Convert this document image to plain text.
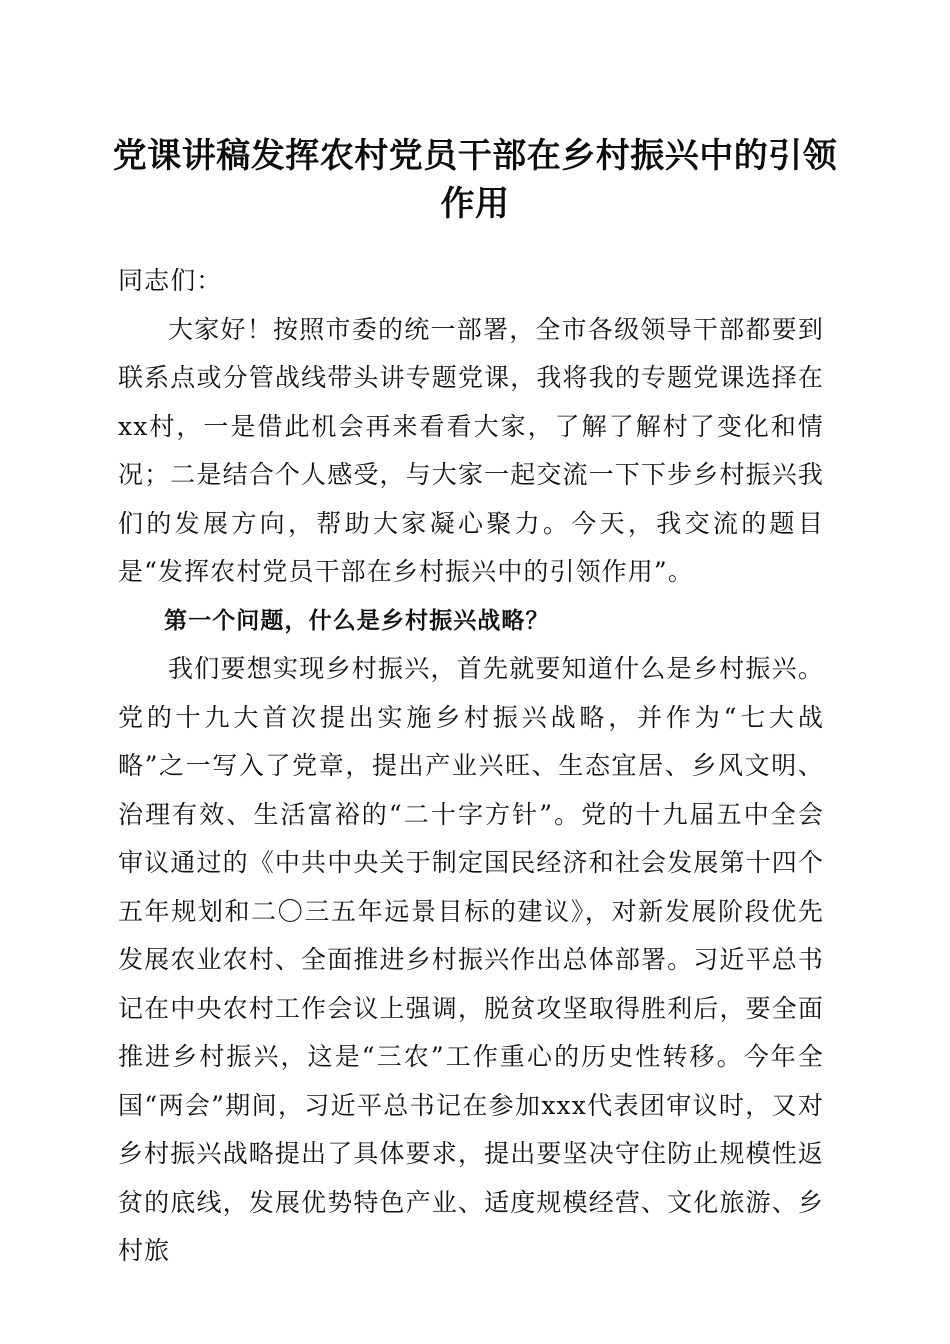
党课讲稿发挥农村党员干部在乡村振兴中的引领作用

同志们：

大家好！按照市委的统一部署，全市各级领导干部都要到联系点或分管战线带头讲专题党课，我将我的专题党课选择在xx村，一是借此机会再来看看大家，了解了解村了变化和情况；二是结合个人感受，与大家一起交流一下下步乡村振兴我们的发展方向，帮助大家凝心聚力。今天，我交流的题目是“发挥农村党员干部在乡村振兴中的引领作用”。

第一个问题，什么是乡村振兴战略？

我们要想实现乡村振兴，首先就要知道什么是乡村振兴。党的十九大首次提出实施乡村振兴战略，并作为“七大战略”之一写入了党章，提出产业兴旺、生态宜居、乡风文明、治理有效、生活富裕的“二十字方针”。党的十九届五中全会审议通过的《中共中央关于制定国民经济和社会发展第十四个五年规划和二〇三五年远景目标的建议》，对新发展阶段优先发展农业农村、全面推进乡村振兴作出总体部署。习近平总书记在中央农村工作会议上强调，脱贫攻坚取得胜利后，要全面推进乡村振兴，这是“三农”工作重心的历史性转移。今年全国“两会”期间，习近平总书记在参加xxx代表团审议时，又对乡村振兴战略提出了具体要求，提出要坚决守住防止规模性返贫的底线，发展优势特色产业、适度规模经营、文化旅游、乡村旅
